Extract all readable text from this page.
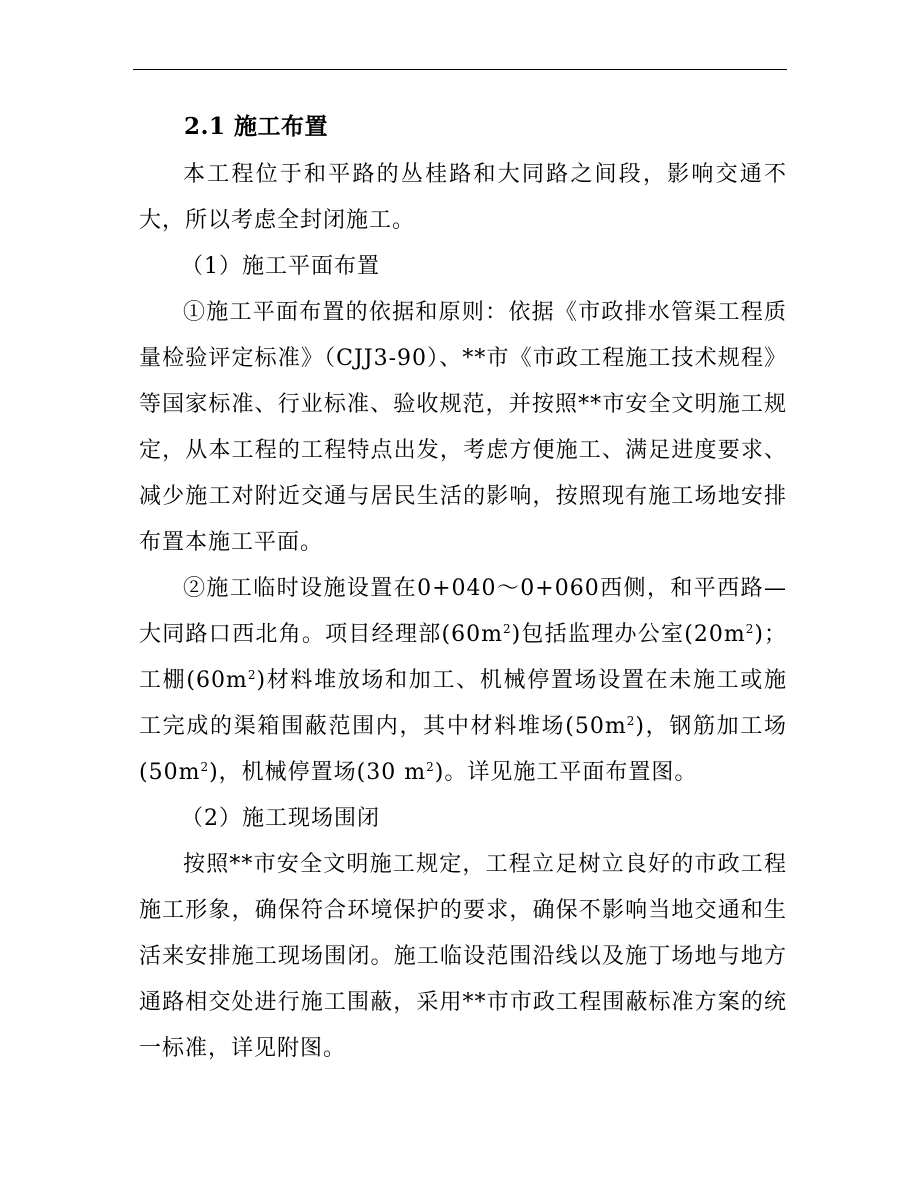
2.1 施工布置

本工程位于和平路的丛桂路和大同路之间段，影响交通不大，所以考虑全封闭施工。

（1）施工平面布置

①施工平面布置的依据和原则：依据《市政排水管渠工程质量检验评定标准》（CJJ3-90）、**市《市政工程施工技术规程》等国家标准、行业标准、验收规范，并按照**市安全文明施工规定，从本工程的工程特点出发，考虑方便施工、满足进度要求、减少施工对附近交通与居民生活的影响，按照现有施工场地安排布置本施工平面。

②施工临时设施设置在0+040～0+060西侧，和平西路—大同路口西北角。项目经理部$(60m^2)$包括监理办公室$(20m^2)$；工棚$(60m^2)$材料堆放场和加工、机械停置场设置在未施工或施工完成的渠箱围蔽范围内，其中材料堆场$(50m^2)$，钢筋加工场$(50m^2)$，机械停置场(30 $m^2$)。详见施工平面布置图。

（2）施工现场围闭

按照**市安全文明施工规定，工程立足树立良好的市政工程施工形象，确保符合环境保护的要求，确保不影响当地交通和生活来安排施工现场围闭。施工临设范围沿线以及施丁场地与地方通路相交处进行施工围蔽，采用**市市政工程围蔽标准方案的统一标准，详见附图。
